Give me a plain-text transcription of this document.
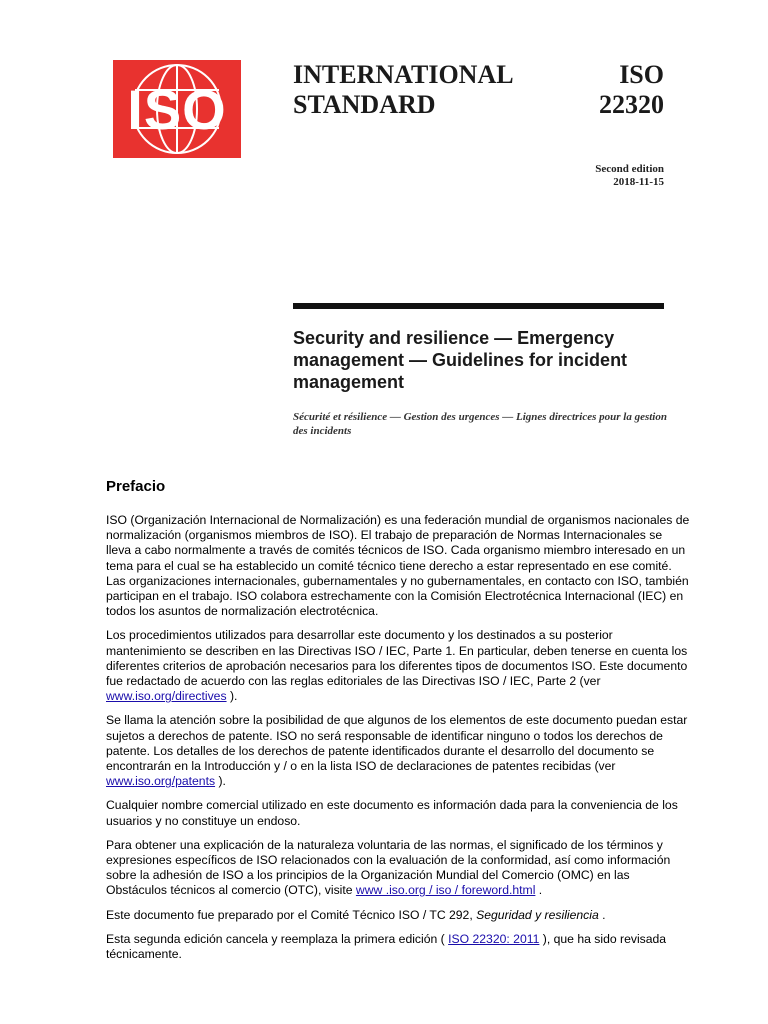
ISO
INTERNATIONAL
STANDARD
ISO
22320
Second edition
2018-11-15
Security and resilience — Emergency management — Guidelines for incident management
Sécurité et résilience — Gestion des urgences — Lignes directrices pour la gestion des incidents
Prefacio

ISO (Organización Internacional de Normalización) es una federación mundial de organismos nacionales de normalización (organismos miembros de ISO). El trabajo de preparación de Normas Internacionales se lleva a cabo normalmente a través de comités técnicos de ISO. Cada organismo miembro interesado en un tema para el cual se ha establecido un comité técnico tiene derecho a estar representado en ese comité. Las organizaciones internacionales, gubernamentales y no gubernamentales, en contacto con ISO, también participan en el trabajo. ISO colabora estrechamente con la Comisión Electrotécnica Internacional (IEC) en todos los asuntos de normalización electrotécnica.

Los procedimientos utilizados para desarrollar este documento y los destinados a su posterior mantenimiento se describen en las Directivas ISO / IEC, Parte 1. En particular, deben tenerse en cuenta los diferentes criterios de aprobación necesarios para los diferentes tipos de documentos ISO. Este documento fue redactado de acuerdo con las reglas editoriales de las Directivas ISO / IEC, Parte 2 (ver www.iso.org/directives ).

Se llama la atención sobre la posibilidad de que algunos de los elementos de este documento puedan estar sujetos a derechos de patente. ISO no será responsable de identificar ninguno o todos los derechos de patente. Los detalles de los derechos de patente identificados durante el desarrollo del documento se encontrarán en la Introducción y / o en la lista ISO de declaraciones de patentes recibidas (ver www.iso.org/patents ).

Cualquier nombre comercial utilizado en este documento es información dada para la conveniencia de los usuarios y no constituye un endoso.

Para obtener una explicación de la naturaleza voluntaria de las normas, el significado de los términos y expresiones específicos de ISO relacionados con la evaluación de la conformidad, así como información sobre la adhesión de ISO a los principios de la Organización Mundial del Comercio (OMC) en las Obstáculos técnicos al comercio (OTC), visite www .iso.org / iso / foreword.html .

Este documento fue preparado por el Comité Técnico ISO / TC 292, Seguridad y resiliencia .

Esta segunda edición cancela y reemplaza la primera edición ( ISO 22320: 2011 ), que ha sido revisada técnicamente.
